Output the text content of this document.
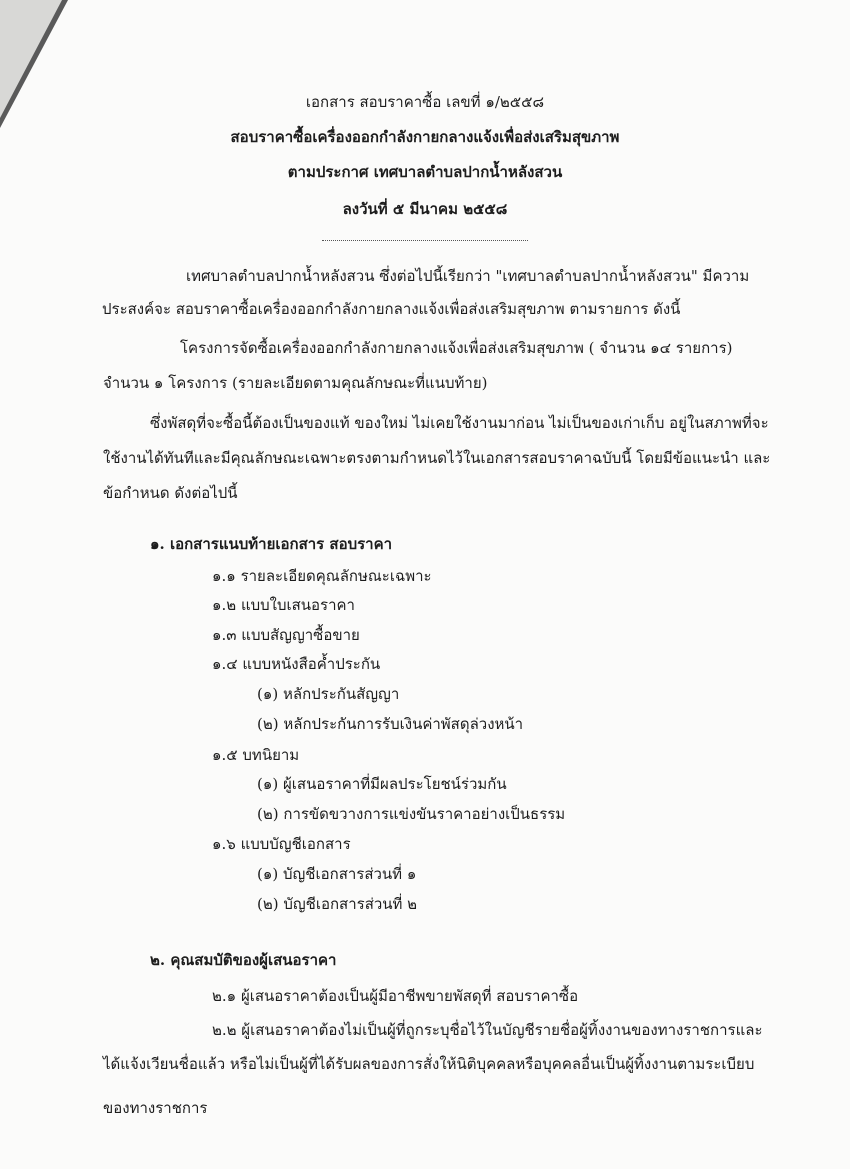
เอกสาร สอบราคาซื้อ เลขที่ ๑/๒๕๕๘
สอบราคาซื้อเครื่องออกกำลังกายกลางแจ้งเพื่อส่งเสริมสุขภาพ
ตามประกาศ เทศบาลตำบลปากน้ำหลังสวน
ลงวันที่ ๕ มีนาคม ๒๕๕๘
เทศบาลตำบลปากน้ำหลังสวน ซึ่งต่อไปนี้เรียกว่า "เทศบาลตำบลปากน้ำหลังสวน" มีความ
ประสงค์จะ สอบราคาซื้อเครื่องออกกำลังกายกลางแจ้งเพื่อส่งเสริมสุขภาพ ตามรายการ ดังนี้
โครงการจัดซื้อเครื่องออกกำลังกายกลางแจ้งเพื่อส่งเสริมสุขภาพ ( จำนวน ๑๔ รายการ)
จำนวน ๑ โครงการ (รายละเอียดตามคุณลักษณะที่แนบท้าย)
ซึ่งพัสดุที่จะซื้อนี้ต้องเป็นของแท้ ของใหม่ ไม่เคยใช้งานมาก่อน ไม่เป็นของเก่าเก็บ อยู่ในสภาพที่จะ
ใช้งานได้ทันทีและมีคุณลักษณะเฉพาะตรงตามกำหนดไว้ในเอกสารสอบราคาฉบับนี้ โดยมีข้อแนะนำ และ
ข้อกำหนด ดังต่อไปนี้
๑. เอกสารแนบท้ายเอกสาร สอบราคา
๑.๑ รายละเอียดคุณลักษณะเฉพาะ
๑.๒ แบบใบเสนอราคา
๑.๓ แบบสัญญาซื้อขาย
๑.๔ แบบหนังสือค้ำประกัน
(๑) หลักประกันสัญญา
(๒) หลักประกันการรับเงินค่าพัสดุล่วงหน้า
๑.๕ บทนิยาม
(๑) ผู้เสนอราคาที่มีผลประโยชน์ร่วมกัน
(๒) การขัดขวางการแข่งขันราคาอย่างเป็นธรรม
๑.๖ แบบบัญชีเอกสาร
(๑) บัญชีเอกสารส่วนที่ ๑
(๒) บัญชีเอกสารส่วนที่ ๒
๒. คุณสมบัติของผู้เสนอราคา
๒.๑ ผู้เสนอราคาต้องเป็นผู้มีอาชีพขายพัสดุที่ สอบราคาซื้อ
๒.๒ ผู้เสนอราคาต้องไม่เป็นผู้ที่ถูกระบุชื่อไว้ในบัญชีรายชื่อผู้ทิ้งงานของทางราชการและ
ได้แจ้งเวียนชื่อแล้ว หรือไม่เป็นผู้ที่ได้รับผลของการสั่งให้นิติบุคคลหรือบุคคลอื่นเป็นผู้ทิ้งงานตามระเบียบ
ของทางราชการ
